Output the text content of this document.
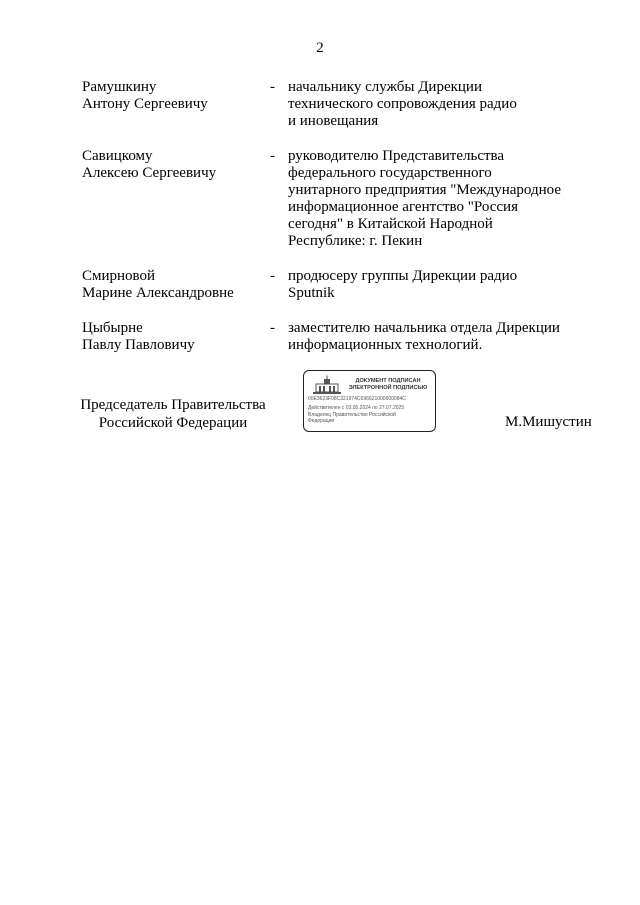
2
Рамушкину
Антону Сергеевичу
- начальнику службы Дирекции
технического сопровождения радио
и иновещания
Савицкому
Алексею Сергеевичу
- руководителю Представительства
федерального государственного
унитарного предприятия "Международное
информационное агентство "Россия
сегодня" в Китайской Народной
Республике: г. Пекин
Смирновой
Марине Александровне
- продюсеру группы Дирекции радио
Sputnik
Цыбырне
Павлу Павловичу
- заместителю начальника отдела Дирекции
информационных технологий.
Председатель Правительства
Российской Федерации
ДОКУМЕНТ ПОДПИСАН
ЭЛЕКТРОННОЙ ПОДПИСЬЮ
00E3623F08C321974C696621000600084C
Действителен с 03.05.2024 по 27.07.2025
Владелец Правительство Российской
Федерации	М.Мишустин
